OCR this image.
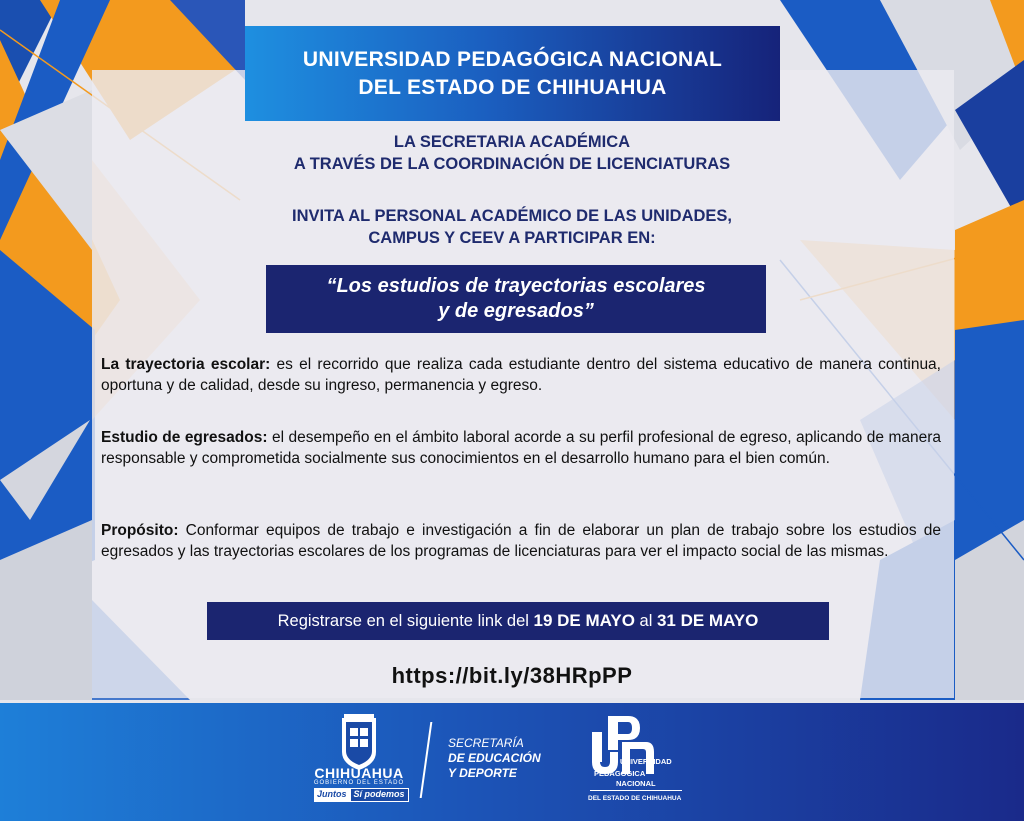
UNIVERSIDAD PEDAGÓGICA NACIONAL
DEL ESTADO DE CHIHUAHUA
LA SECRETARIA ACADÉMICA
A TRAVÉS DE LA COORDINACIÓN DE LICENCIATURAS
INVITA AL PERSONAL ACADÉMICO DE LAS UNIDADES,
CAMPUS Y CEEV A PARTICIPAR EN:
“Los estudios de trayectorias escolares
y de egresados”
La trayectoria escolar: es el recorrido que realiza cada estudiante dentro del sistema educativo de manera continua, oportuna y de calidad, desde su ingreso, permanencia y egreso.
Estudio de egresados: el desempeño en el ámbito laboral acorde a su perfil profesional de egreso, aplicando de manera responsable y comprometida socialmente sus conocimientos en el desarrollo humano para el bien común.
Propósito: Conformar equipos de trabajo e investigación a fin de elaborar un plan de trabajo sobre los estudios de egresados y las trayectorias escolares de los programas de licenciaturas para ver el impacto social de las mismas.
Registrarse en el siguiente link del 19 DE MAYO al 31 DE MAYO
https://bit.ly/38HRpPP
CHIHUAHUA
GOBIERNO DEL ESTADO
Juntos Sí podemos
SECRETARÍA
DE EDUCACIÓN
Y DEPORTE
UNIVERSIDAD
PEDAGÓGICA
NACIONAL
DEL ESTADO DE CHIHUAHUA
